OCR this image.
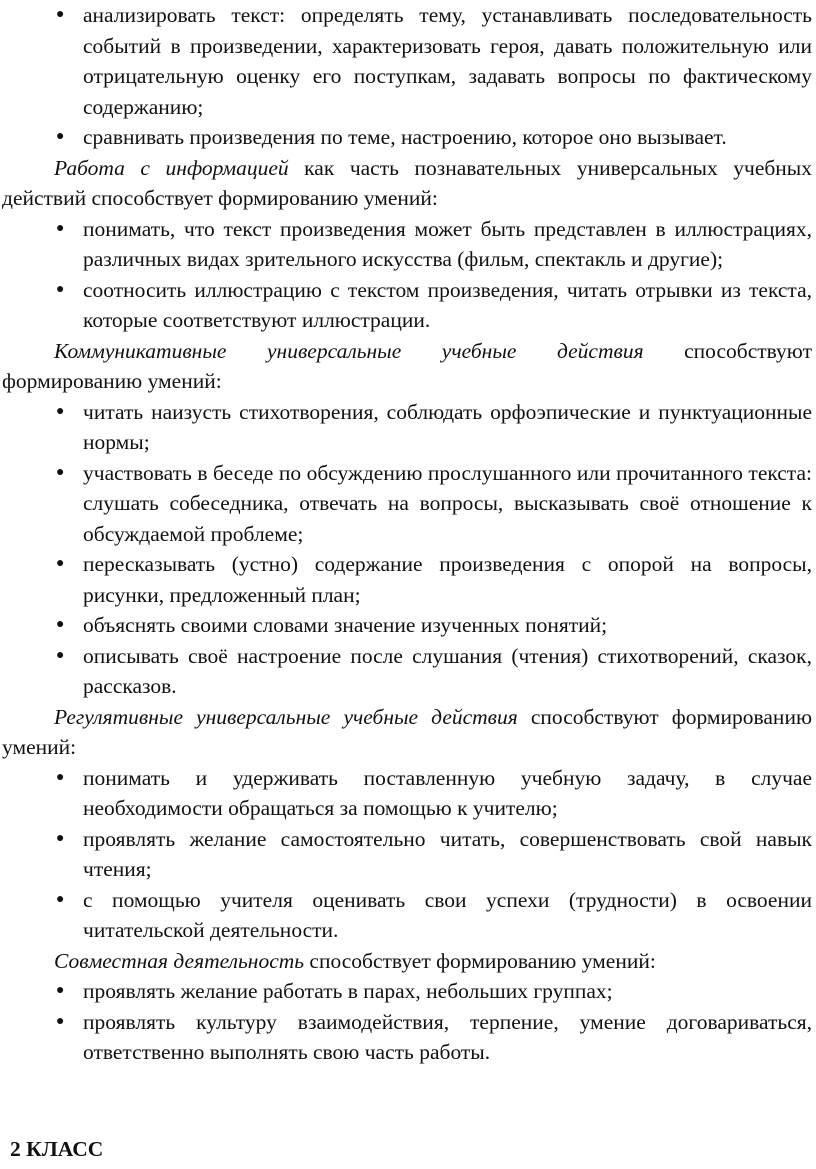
● анализировать текст: определять тему, устанавливать последовательность событий в произведении, характеризовать героя, давать положительную или отрицательную оценку его поступкам, задавать вопросы по фактическому содержанию;
● сравнивать произведения по теме, настроению, которое оно вызывает.

Работа с информацией как часть познавательных универсальных учебных действий способствует формированию умений:

● понимать, что текст произведения может быть представлен в иллюстрациях, различных видах зрительного искусства (фильм, спектакль и другие);
● соотносить иллюстрацию с текстом произведения, читать отрывки из текста, которые соответствуют иллюстрации.

Коммуникативные универсальные учебные действия способствуют формированию умений:

● читать наизусть стихотворения, соблюдать орфоэпические и пунктуационные нормы;
● участвовать в беседе по обсуждению прослушанного или прочитанного текста: слушать собеседника, отвечать на вопросы, высказывать своё отношение к обсуждаемой проблеме;
● пересказывать (устно) содержание произведения с опорой на вопросы, рисунки, предложенный план;
● объяснять своими словами значение изученных понятий;
● описывать своё настроение после слушания (чтения) стихотворений, сказок, рассказов.

Регулятивные универсальные учебные действия способствуют формированию умений:

● понимать и удерживать поставленную учебную задачу, в случае необходимости обращаться за помощью к учителю;
● проявлять желание самостоятельно читать, совершенствовать свой навык чтения;
● с помощью учителя оценивать свои успехи (трудности) в освоении читательской деятельности.

Совместная деятельность способствует формированию умений:

● проявлять желание работать в парах, небольших группах;
● проявлять культуру взаимодействия, терпение, умение договариваться, ответственно выполнять свою часть работы.
2 КЛАСС
